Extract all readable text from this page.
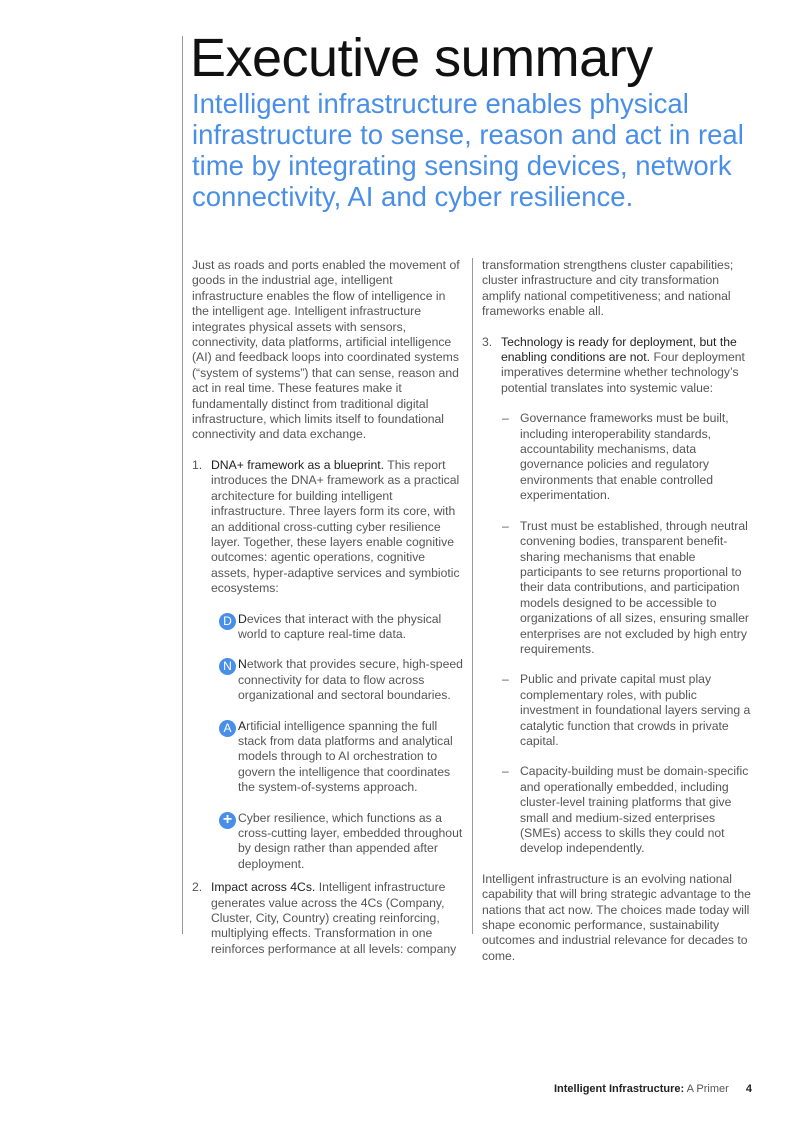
Executive summary
Intelligent infrastructure enables physical infrastructure to sense, reason and act in real time by integrating sensing devices, network connectivity, AI and cyber resilience.

Just as roads and ports enabled the movement of goods in the industrial age, intelligent infrastructure enables the flow of intelligence in the intelligent age. Intelligent infrastructure integrates physical assets with sensors, connectivity, data platforms, artificial intelligence (AI) and feedback loops into coordinated systems (“system of systems”) that can sense, reason and act in real time. These features make it fundamentally distinct from traditional digital infrastructure, which limits itself to foundational connectivity and data exchange.

1. DNA+ framework as a blueprint. This report introduces the DNA+ framework as a practical architecture for building intelligent infrastructure. Three layers form its core, with an additional cross-cutting cyber resilience layer. Together, these layers enable cognitive outcomes: agentic operations, cognitive assets, hyper-adaptive services and symbiotic ecosystems:
D Devices that interact with the physical world to capture real-time data.
N Network that provides secure, high-speed connectivity for data to flow across organizational and sectoral boundaries.
A Artificial intelligence spanning the full stack from data platforms and analytical models through to AI orchestration to govern the intelligence that coordinates the system-of-systems approach.
+ Cyber resilience, which functions as a cross-cutting layer, embedded throughout by design rather than appended after deployment.
2. Impact across 4Cs. Intelligent infrastructure generates value across the 4Cs (Company, Cluster, City, Country) creating reinforcing, multiplying effects. Transformation in one reinforces performance at all levels: company

transformation strengthens cluster capabilities; cluster infrastructure and city transformation amplify national competitiveness; and national frameworks enable all.

3. Technology is ready for deployment, but the enabling conditions are not. Four deployment imperatives determine whether technology’s potential translates into systemic value:
– Governance frameworks must be built, including interoperability standards, accountability mechanisms, data governance policies and regulatory environments that enable controlled experimentation.
– Trust must be established, through neutral convening bodies, transparent benefit-sharing mechanisms that enable participants to see returns proportional to their data contributions, and participation models designed to be accessible to organizations of all sizes, ensuring smaller enterprises are not excluded by high entry requirements.
– Public and private capital must play complementary roles, with public investment in foundational layers serving a catalytic function that crowds in private capital.
– Capacity-building must be domain-specific and operationally embedded, including cluster-level training platforms that give small and medium-sized enterprises (SMEs) access to skills they could not develop independently.

Intelligent infrastructure is an evolving national capability that will bring strategic advantage to the nations that act now. The choices made today will shape economic performance, sustainability outcomes and industrial relevance for decades to come.

Intelligent Infrastructure: A Primer 4
